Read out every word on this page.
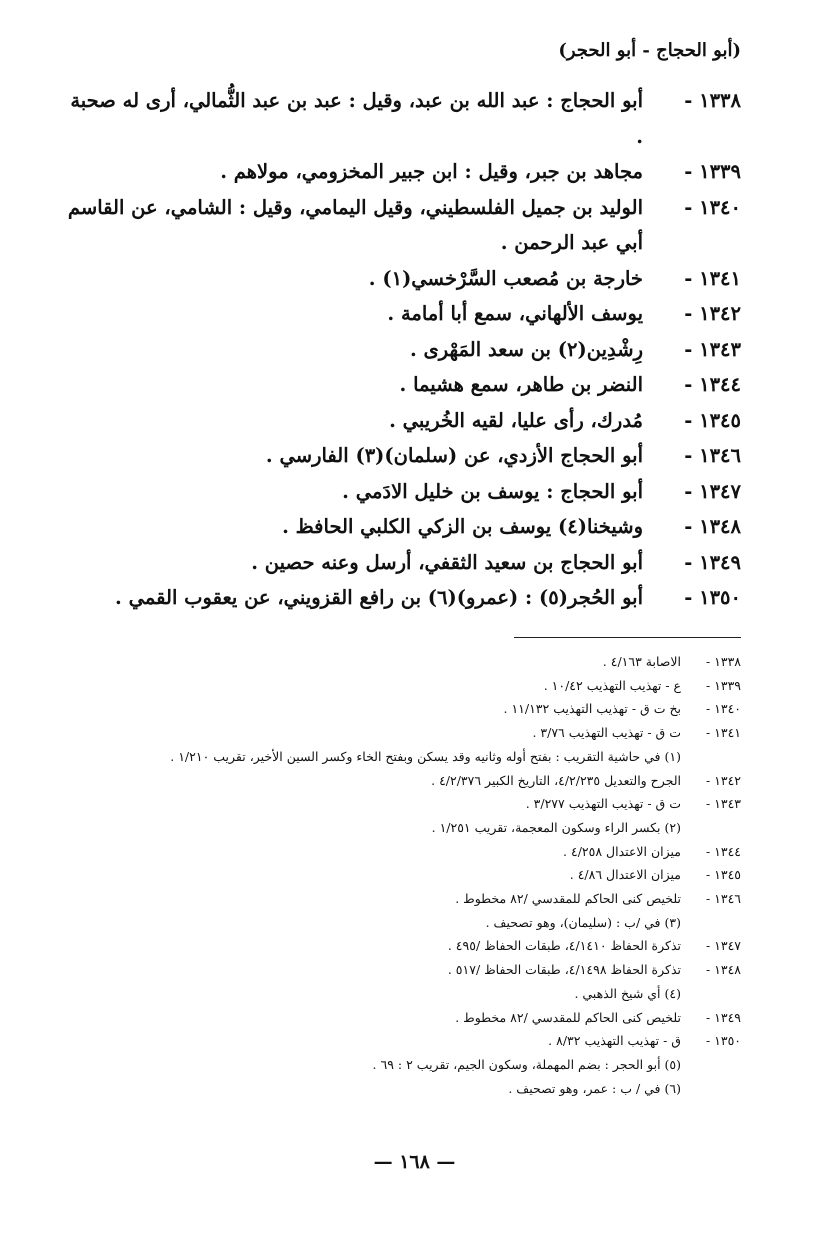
(أبو الحجاج - أبو الحجر)
١٣٣٨ -
أبو الحجاج : عبد الله بن عبد، وقيل : عبد بن عبد الثُّمالي، أرى له صحبة .
١٣٣٩ -
مجاهد بن جبر، وقيل : ابن جبير المخزومي، مولاهم .
١٣٤٠ -
الوليد بن جميل الفلسطيني، وقيل اليمامي، وقيل : الشامي، عن القاسم أبي عبد الرحمن .
١٣٤١ -
خارجة بن مُصعب السَّرْخسي(١) .
١٣٤٢ -
يوسف الألهاني، سمع أبا أمامة .
١٣٤٣ -
رِشْدِين(٢) بن سعد المَهْرى .
١٣٤٤ -
النضر بن طاهر، سمع هشيما .
١٣٤٥ -
مُدرك، رأى عليا، لقيه الخُريبي .
١٣٤٦ -
أبو الحجاج الأزدي، عن (سلمان)(٣) الفارسي .
١٣٤٧ -
أبو الحجاج : يوسف بن خليل الادَمي .
١٣٤٨ -
وشيخنا(٤) يوسف بن الزكي الكلبي الحافظ .
١٣٤٩ -
أبو الحجاج بن سعيد الثقفي، أرسل وعنه حصين .
١٣٥٠ -
أبو الحُجر(٥) : (عمرو)(٦) بن رافع القزويني، عن يعقوب القمي .
١٣٣٨ -
الاصابة ٤/١٦٣ .
١٣٣٩ -
ع - تهذيب التهذيب ١٠/٤٢ .
١٣٤٠ -
بخ ت ق - تهذيب التهذيب ١١/١٣٢ .
١٣٤١ -
ت ق - تهذيب التهذيب ٣/٧٦ .
(١) في حاشية التقريب : بفتح أوله وثانيه وقد يسكن وبفتح الخاء وكسر السين الأخير، تقريب ١/٢١٠ .
١٣٤٢ -
الجرح والتعديل ٤/٢/٢٣٥، التاريخ الكبير ٤/٢/٣٧٦ .
١٣٤٣ -
ت ق - تهذيب التهذيب ٣/٢٧٧ .
(٢) بكسر الراء وسكون المعجمة، تقريب ١/٢٥١ .
١٣٤٤ -
ميزان الاعتدال ٤/٢٥٨ .
١٣٤٥ -
ميزان الاعتدال ٤/٨٦ .
١٣٤٦ -
تلخيص كنى الحاكم للمقدسي /٨٢ مخطوط .
(٣) في /ب : (سليمان)، وهو تصحيف .
١٣٤٧ -
تذكرة الحفاظ ٤/١٤١٠، طبقات الحفاظ /٤٩٥ .
١٣٤٨ -
تذكرة الحفاظ ٤/١٤٩٨، طبقات الحفاظ /٥١٧ .
(٤) أي شيخ الذهبي .
١٣٤٩ -
تلخيص كنى الحاكم للمقدسي /٨٢ مخطوط .
١٣٥٠ -
ق - تهذيب التهذيب ٨/٣٢ .
(٥) أبو الحجر : بضم المهملة، وسكون الجيم، تقريب ٢ : ٦٩ .
(٦) في / ب : عمر، وهو تصحيف .
— ١٦٨ —
